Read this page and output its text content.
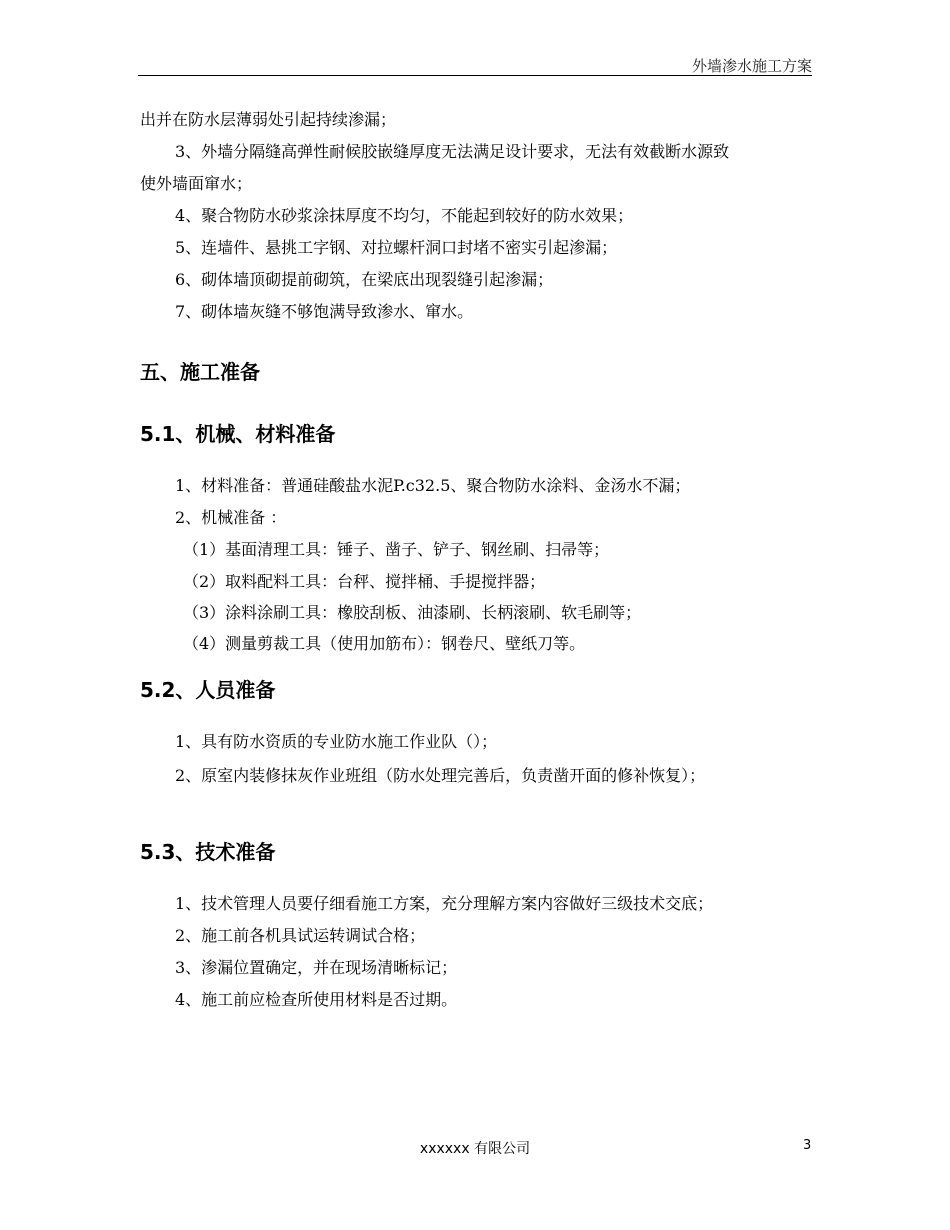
外墙渗水施工方案
出并在防水层薄弱处引起持续渗漏；
3、外墙分隔缝高弹性耐候胶嵌缝厚度无法满足设计要求，无法有效截断水源致
使外墙面窜水；
4、聚合物防水砂浆涂抹厚度不均匀，不能起到较好的防水效果；
5、连墙件、悬挑工字钢、对拉螺杆洞口封堵不密实引起渗漏；
6、砌体墙顶砌提前砌筑，在梁底出现裂缝引起渗漏；
7、砌体墙灰缝不够饱满导致渗水、窜水。
五、施工准备
5.1、机械、材料准备
1、材料准备：普通硅酸盐水泥P.c32.5、聚合物防水涂料、金汤水不漏；
2、机械准备 ：
（1）基面清理工具：锤子、凿子、铲子、钢丝刷、扫帚等；
（2）取料配料工具：台秤、搅拌桶、手提搅拌器；
（3）涂料涂刷工具：橡胶刮板、油漆刷、长柄滚刷、软毛刷等；
（4）测量剪裁工具（使用加筋布）：钢卷尺、壁纸刀等。
5.2、人员准备
1、具有防水资质的专业防水施工作业队（）；
2、原室内装修抹灰作业班组（防水处理完善后，负责凿开面的修补恢复）；
5.3、技术准备
1、技术管理人员要仔细看施工方案，充分理解方案内容做好三级技术交底；
2、施工前各机具试运转调试合格；
3、渗漏位置确定，并在现场清晰标记；
4、施工前应检查所使用材料是否过期。
xxxxxx 有限公司	3
